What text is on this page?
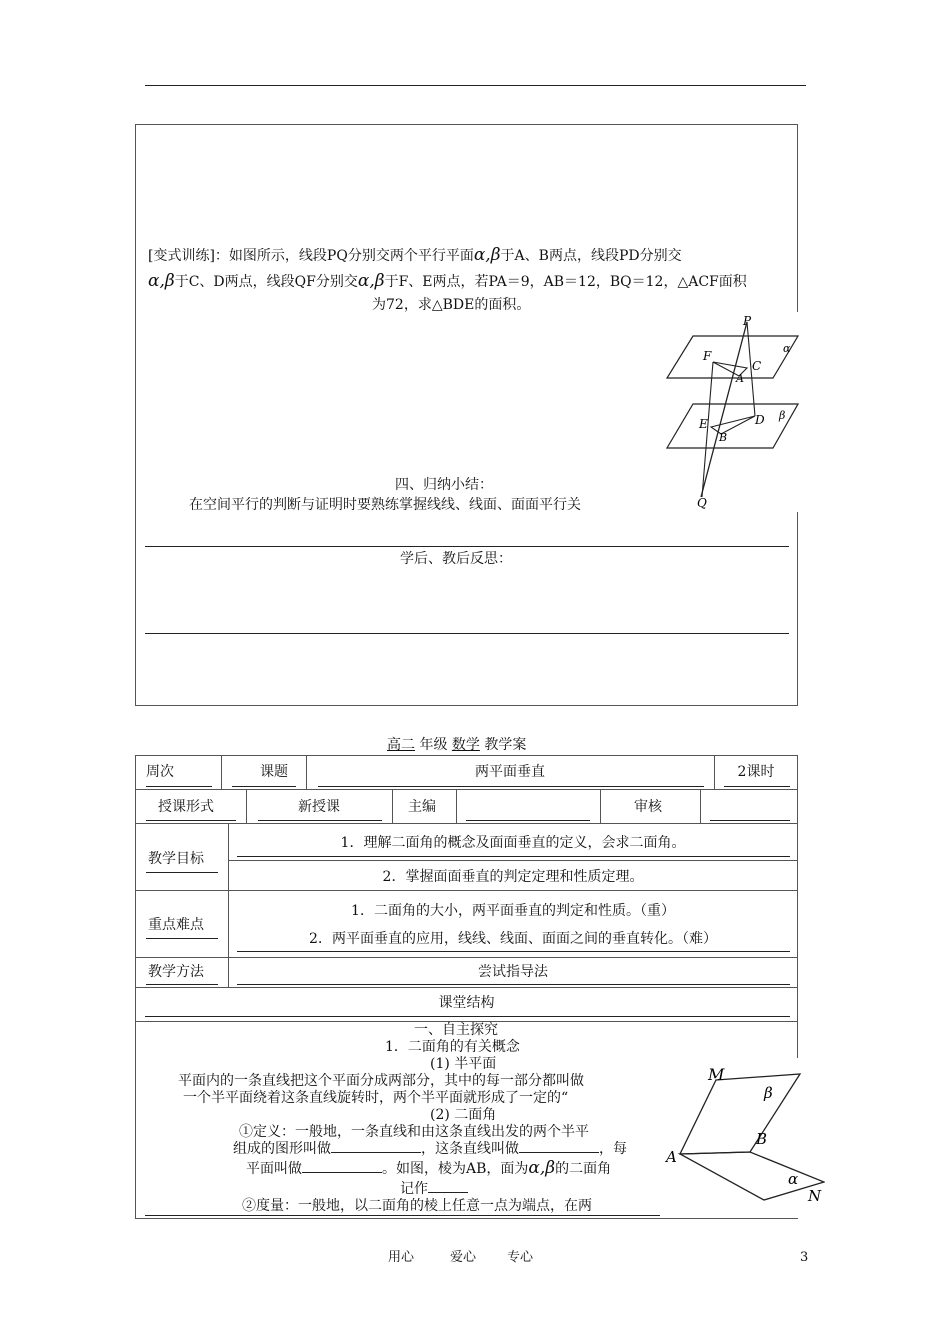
[变式训练]：如图所示，线段PQ分别交两个平行平面α,β于A、B两点，线段PD分别交
α,β于C、D两点，线段QF分别交α,β于F、E两点，若PA＝9，AB＝12，BQ＝12，△ACF面积
为72，求△BDE的面积。
P
F
A
C
α
E	D
B
β
Q
四、归纳小结：
在空间平行的判断与证明时要熟练掌握线线、线面、面面平行关
学后、教后反思：
高二 年级 数学 教学案
周次	课题	两平面垂直	2课时
授课形式	新授课	主编	审核
教学目标
1．理解二面角的概念及面面垂直的定义，会求二面角。
2．掌握面面垂直的判定定理和性质定理。
重点难点
1．二面角的大小，两平面垂直的判定和性质。（重）
2．两平面垂直的应用，线线、线面、面面之间的垂直转化。（难）
教学方法	尝试指导法
课堂结构
一、自主探究
1．二面角的有关概念
(1) 半平面
平面内的一条直线把这个平面分成两部分，其中的每一部分都叫做
一个半平面绕着这条直线旋转时，两个半平面就形成了一定的“
(2) 二面角
①定义：一般地，一条直线和由这条直线出发的两个半平
组成的图形叫做	，这条直线叫做	，每
平面叫做	。如图，棱为AB，面为α,β的二面角
记作
②度量：一般地，以二面角的棱上任意一点为端点，在两
M
β
B
A
α
N
用心	爱心 专心	3
